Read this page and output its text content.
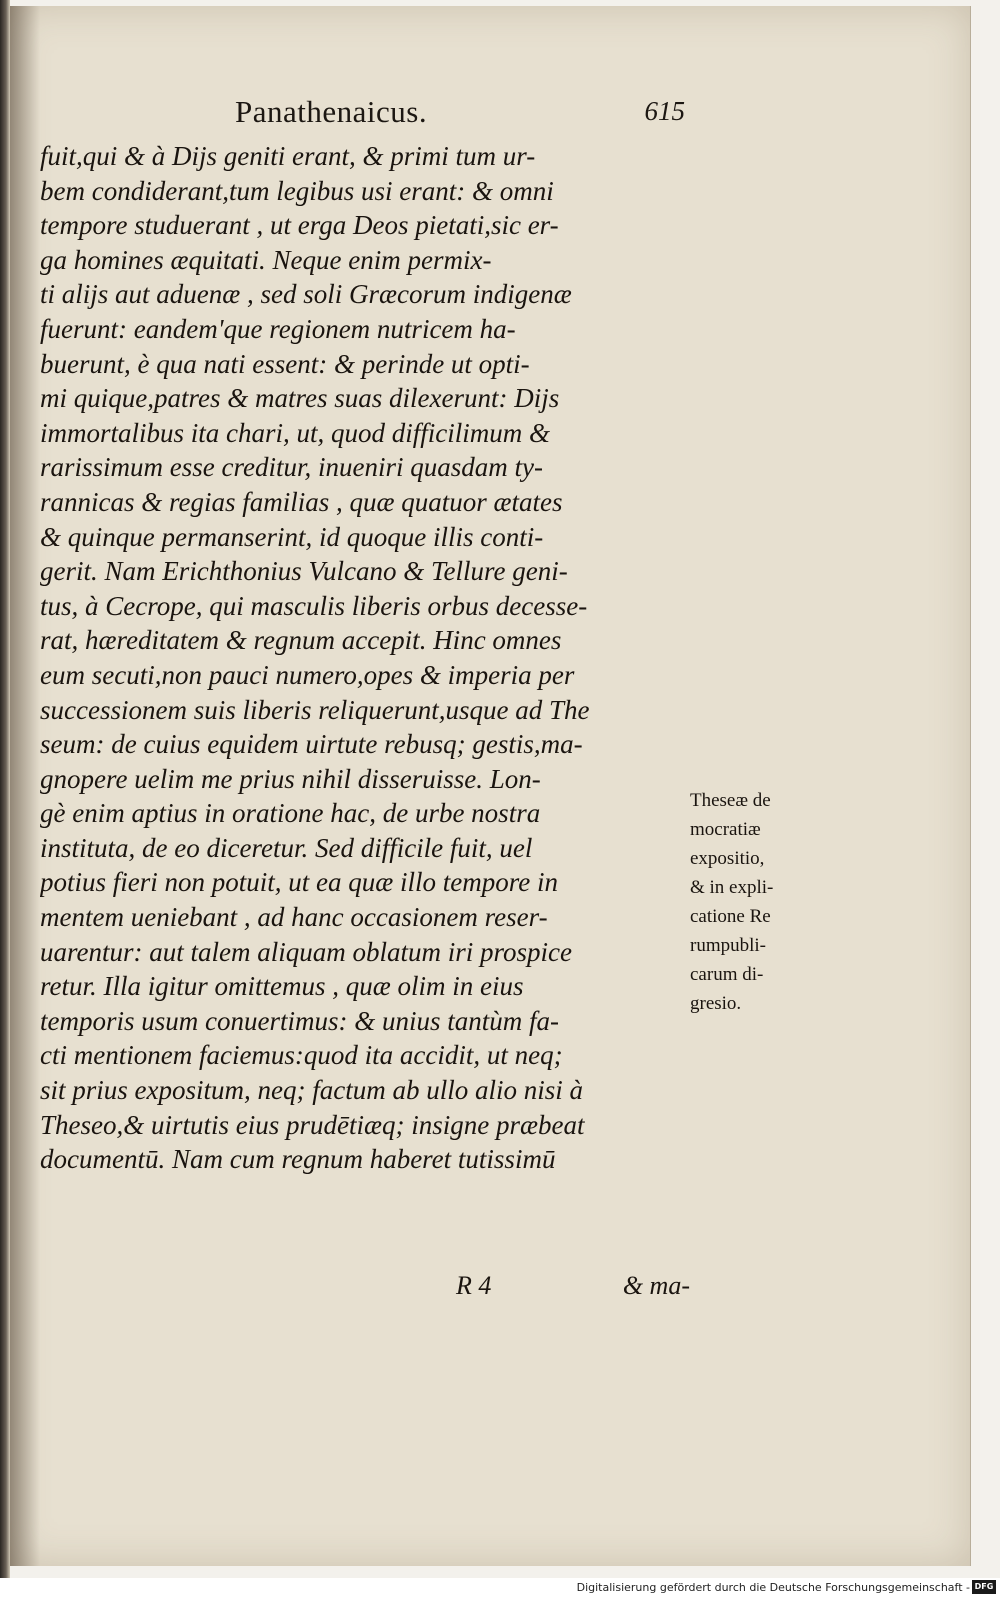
Panathenaicus.	615
fuit,qui & à Dijs geniti erant, & primi tum ur-
bem condiderant,tum legibus usi erant: & omni
tempore studuerant , ut erga Deos pietati,sic er-
ga homines æquitati. Neque enim permix-
ti alijs aut aduenæ , sed soli Græcorum indigenæ
fuerunt: eandem'que regionem nutricem ha-
buerunt, è qua nati essent: & perinde ut opti-
mi quique,patres & matres suas dilexerunt: Dijs
immortalibus ita chari, ut, quod difficilimum &
rarissimum esse creditur, inueniri quasdam ty-
rannicas & regias familias , quæ quatuor ætates
& quinque permanserint, id quoque illis conti-
gerit. Nam Erichthonius Vulcano & Tellure geni-
tus, à Cecrope, qui masculis liberis orbus decesse-
rat, hæreditatem & regnum accepit. Hinc omnes
eum secuti,non pauci numero,opes & imperia per
successionem suis liberis reliquerunt,usque ad The
seum: de cuius equidem uirtute rebusq; gestis,ma-
gnopere uelim me prius nihil disseruisse. Lon-
gè enim aptius in oratione hac, de urbe nostra
instituta, de eo diceretur. Sed difficile fuit, uel
potius fieri non potuit, ut ea quæ illo tempore in
mentem ueniebant , ad hanc occasionem reser-
uarentur: aut talem aliquam oblatum iri prospice
retur. Illa igitur omittemus , quæ olim in eius
temporis usum conuertimus: & unius tantùm fa-
cti mentionem faciemus:quod ita accidit, ut neq;
sit prius expositum, neq; factum ab ullo alio nisi à
Theseo,& uirtutis eius prudētiæq; insigne præbeat
documentū. Nam cum regnum haberet tutissimū
Theseæ de
mocratiæ
expositio,
& in expli-
catione Re
rumpubli-
carum di-
gresio.
R 4	& ma-
Digitalisierung gefördert durch die Deutsche Forschungsgemeinschaft - DFG
